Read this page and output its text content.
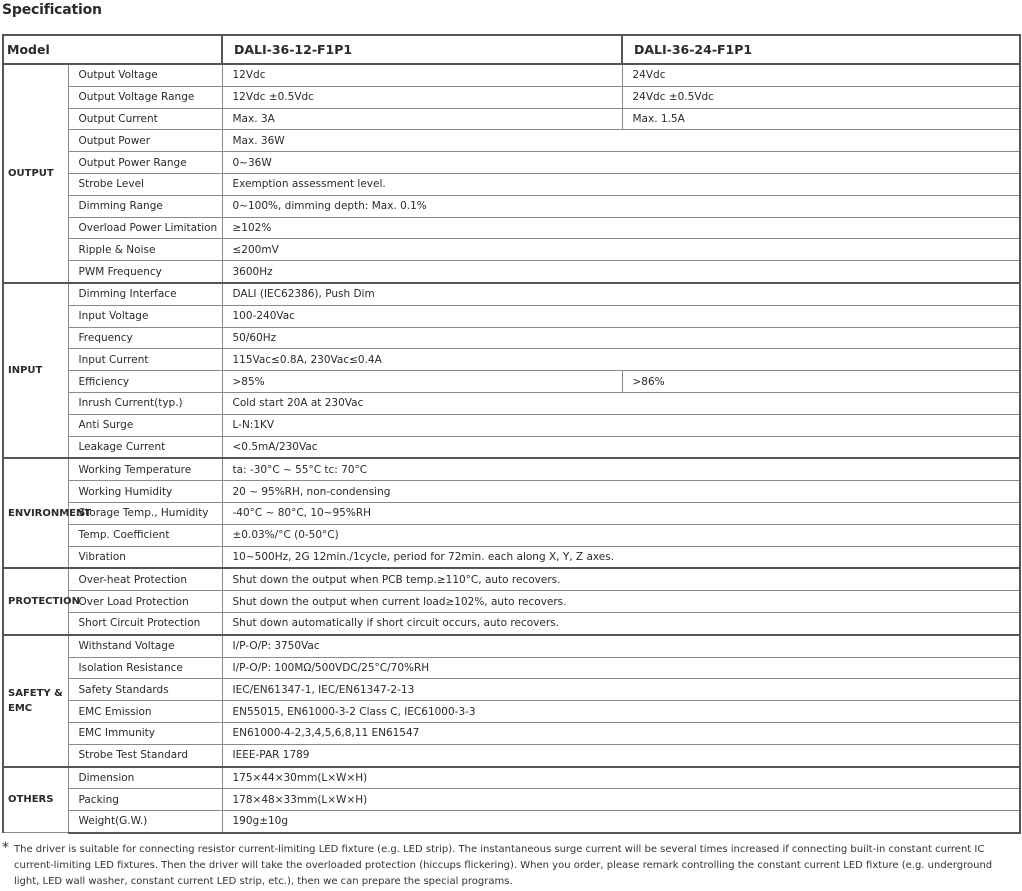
Specification
Model		DALI-36-12-F1P1	DALI-36-24-F1P1
OUTPUT	Output Voltage	12Vdc	24Vdc
	Output Voltage Range	12Vdc ±0.5Vdc	24Vdc ±0.5Vdc
	Output Current	Max. 3A	Max. 1.5A
	Output Power	Max. 36W	
	Output Power Range	0~36W	
	Strobe Level	Exemption assessment level.	
	Dimming Range	0~100%, dimming depth: Max. 0.1%	
	Overload Power Limitation	≥102%	
	Ripple & Noise	≤200mV	
	PWM Frequency	3600Hz	
INPUT	Dimming Interface	DALI (IEC62386), Push Dim	
	Input Voltage	100-240Vac	
	Frequency	50/60Hz	
	Input Current	115Vac≤0.8A, 230Vac≤0.4A	
	Efficiency	>85%	>86%
	Inrush Current(typ.)	Cold start 20A at 230Vac	
	Anti Surge	L-N:1KV	
	Leakage Current	<0.5mA/230Vac	
ENVIRONMENT	Working Temperature	ta: -30°C ~ 55°C tc: 70°C	
	Working Humidity	20 ~ 95%RH, non-condensing	
	Storage Temp., Humidity	-40°C ~ 80°C, 10~95%RH	
	Temp. Coefficient	±0.03%/°C (0-50°C)	
	Vibration	10~500Hz, 2G 12min./1cycle, period for 72min. each along X, Y, Z axes.	
PROTECTION	Over-heat Protection	Shut down the output when PCB temp.≥110°C, auto recovers.	
	Over Load Protection	Shut down the output when current load≥102%, auto recovers.	
	Short Circuit Protection	Shut down automatically if short circuit occurs, auto recovers.	
SAFETY & EMC	Withstand Voltage	I/P-O/P: 3750Vac	
	Isolation Resistance	I/P-O/P: 100MΩ/500VDC/25°C/70%RH	
	Safety Standards	IEC/EN61347-1, IEC/EN61347-2-13	
	EMC Emission	EN55015, EN61000-3-2 Class C, IEC61000-3-3	
	EMC Immunity	EN61000-4-2,3,4,5,6,8,11 EN61547	
	Strobe Test Standard	IEEE-PAR 1789	
OTHERS	Dimension	175×44×30mm(L×W×H)	
	Packing	178×48×33mm(L×W×H)	
	Weight(G.W.)	190g±10g	

* The driver is suitable for connecting resistor current-limiting LED fixture (e.g. LED strip). The instantaneous surge current will be several times increased if connecting built-in constant current IC current-limiting LED fixtures. Then the driver will take the overloaded protection (hiccups flickering). When you order, please remark controlling the constant current LED fixture (e.g. underground light, LED wall washer, constant current LED strip, etc.), then we can prepare the special programs.
